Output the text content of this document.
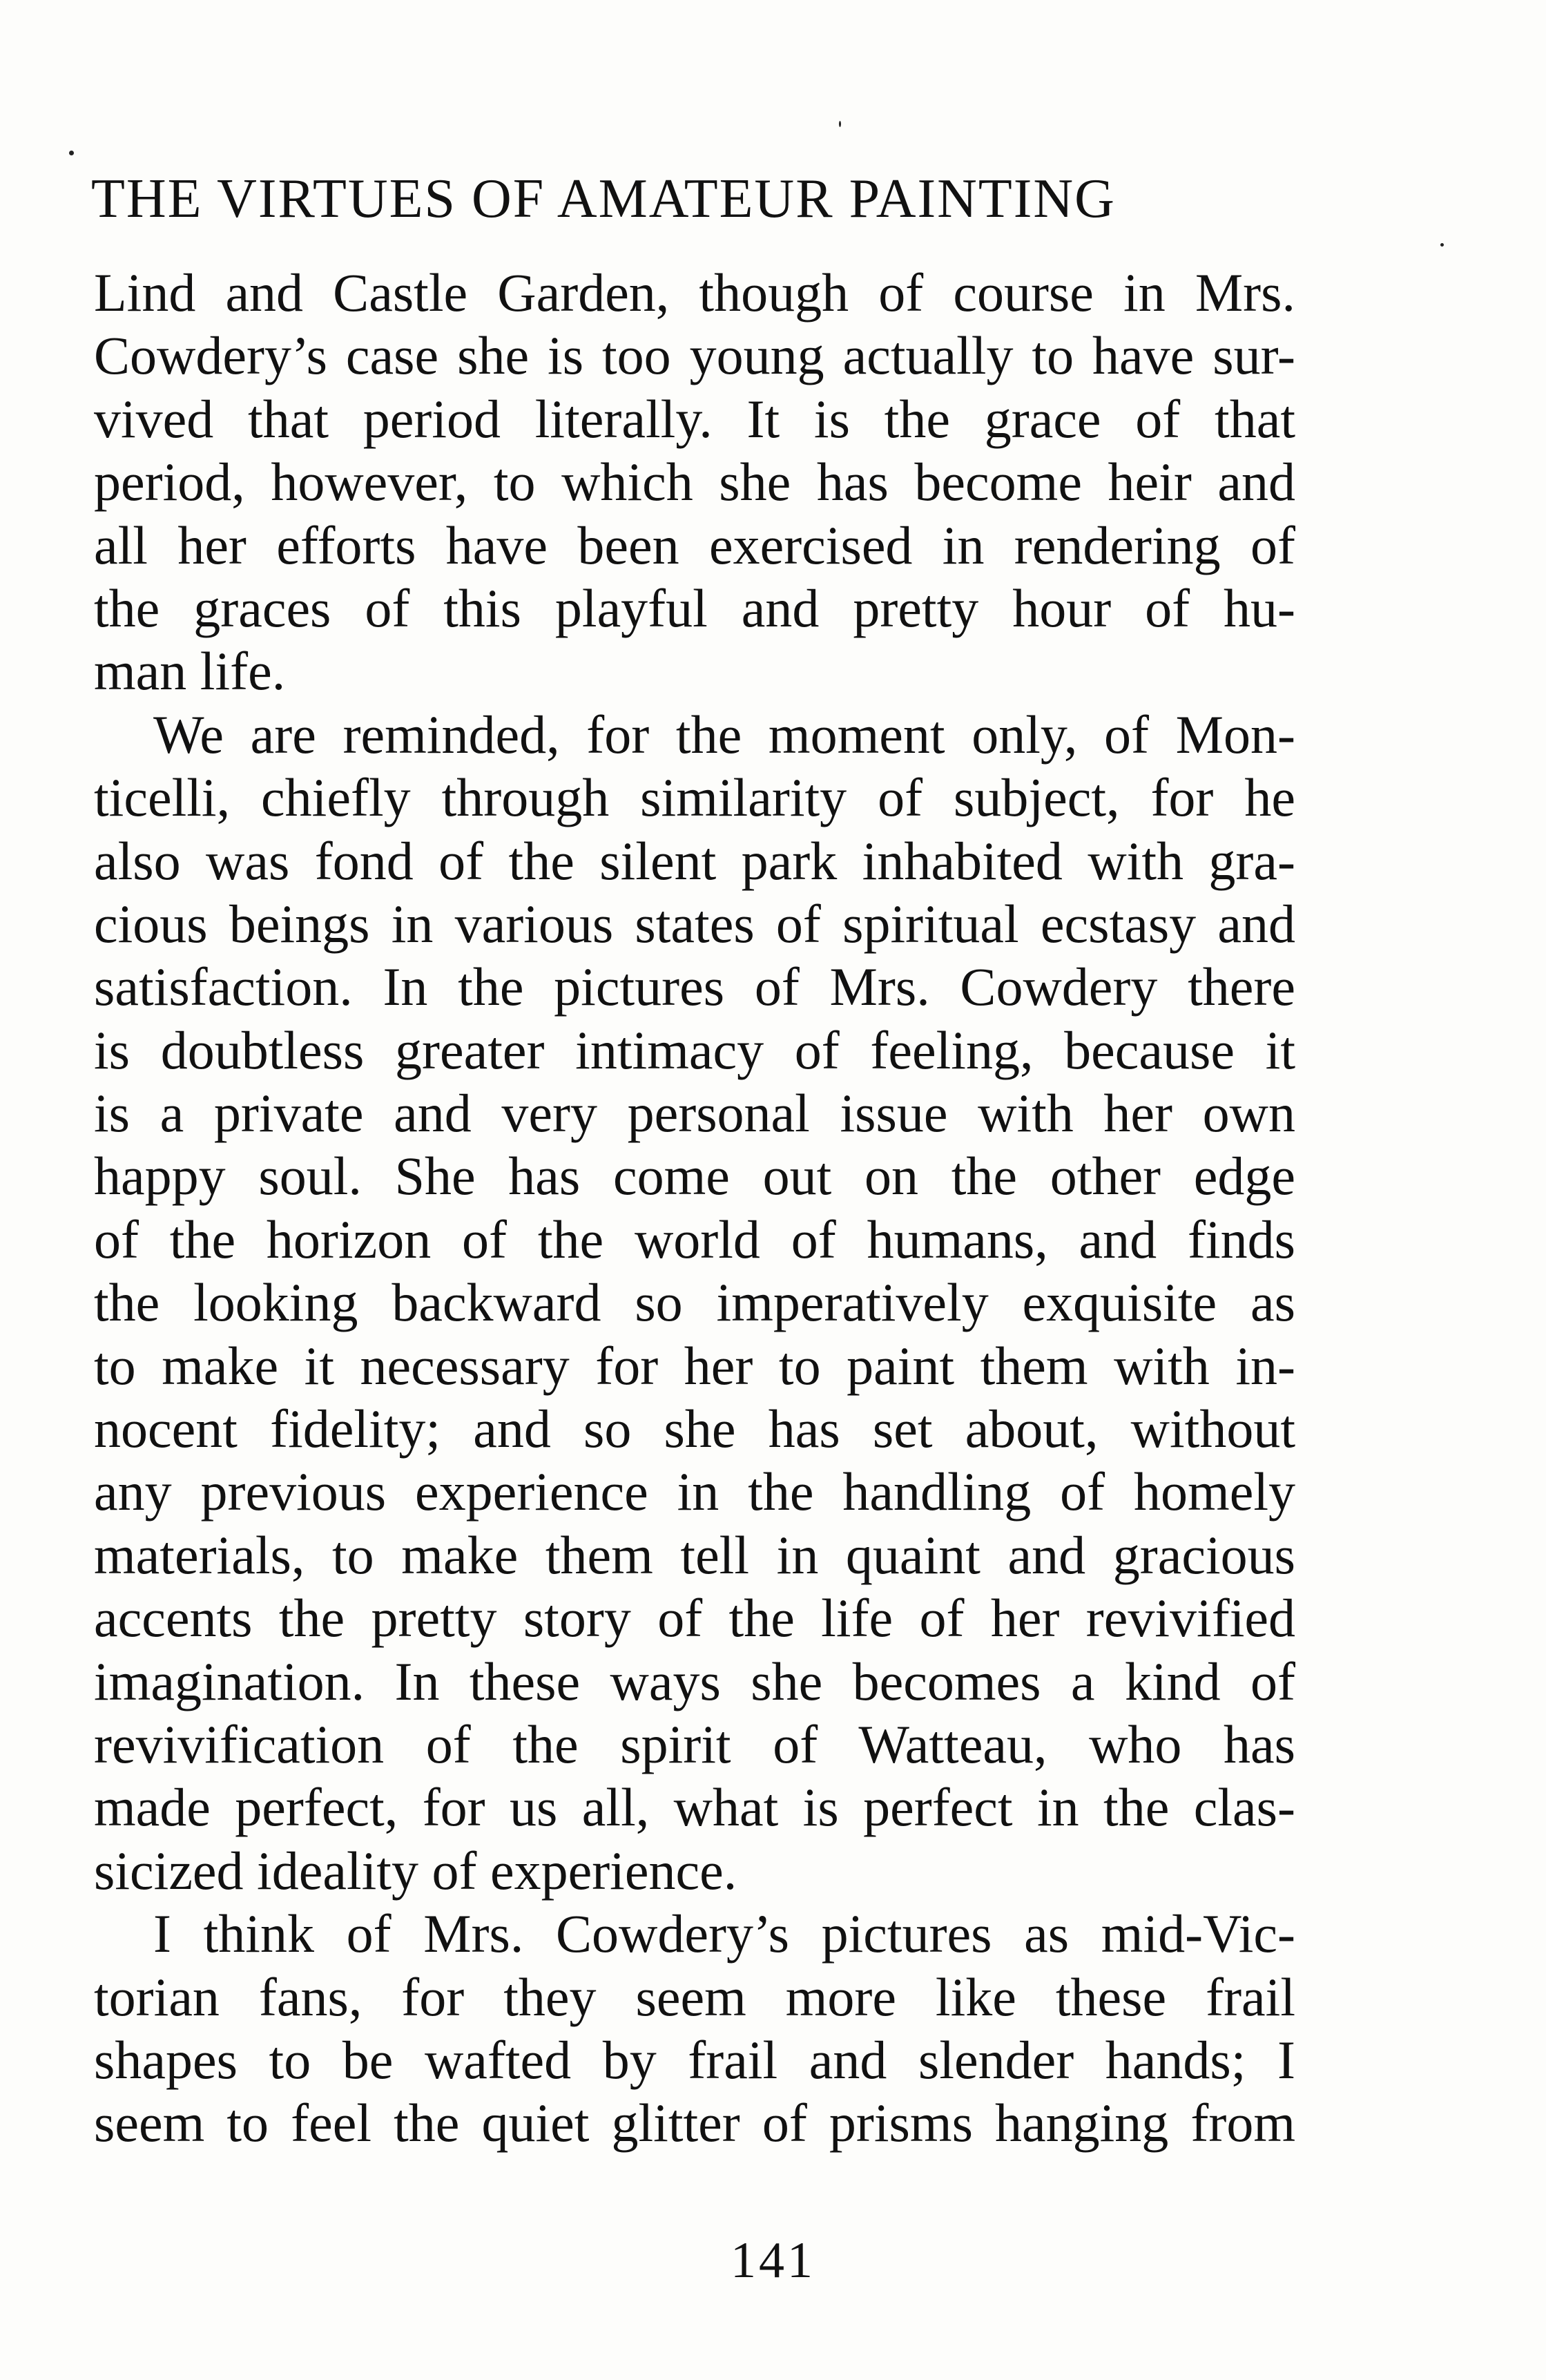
THE VIRTUES OF AMATEUR PAINTING
Lind and Castle Garden, though of course in Mrs.
Cowdery’s case she is too young actually to have sur-
vived that period literally. It is the grace of that
period, however, to which she has become heir and
all her efforts have been exercised in rendering of
the graces of this playful and pretty hour of hu-
man life.
We are reminded, for the moment only, of Mon-
ticelli, chiefly through similarity of subject, for he
also was fond of the silent park inhabited with gra-
cious beings in various states of spiritual ecstasy and
satisfaction. In the pictures of Mrs. Cowdery there
is doubtless greater intimacy of feeling, because it
is a private and very personal issue with her own
happy soul. She has come out on the other edge
of the horizon of the world of humans, and finds
the looking backward so imperatively exquisite as
to make it necessary for her to paint them with in-
nocent fidelity; and so she has set about, without
any previous experience in the handling of homely
materials, to make them tell in quaint and gracious
accents the pretty story of the life of her revivified
imagination. In these ways she becomes a kind of
revivification of the spirit of Watteau, who has
made perfect, for us all, what is perfect in the clas-
sicized ideality of experience.
I think of Mrs. Cowdery’s pictures as mid-Vic-
torian fans, for they seem more like these frail
shapes to be wafted by frail and slender hands; I
seem to feel the quiet glitter of prisms hanging from
141
